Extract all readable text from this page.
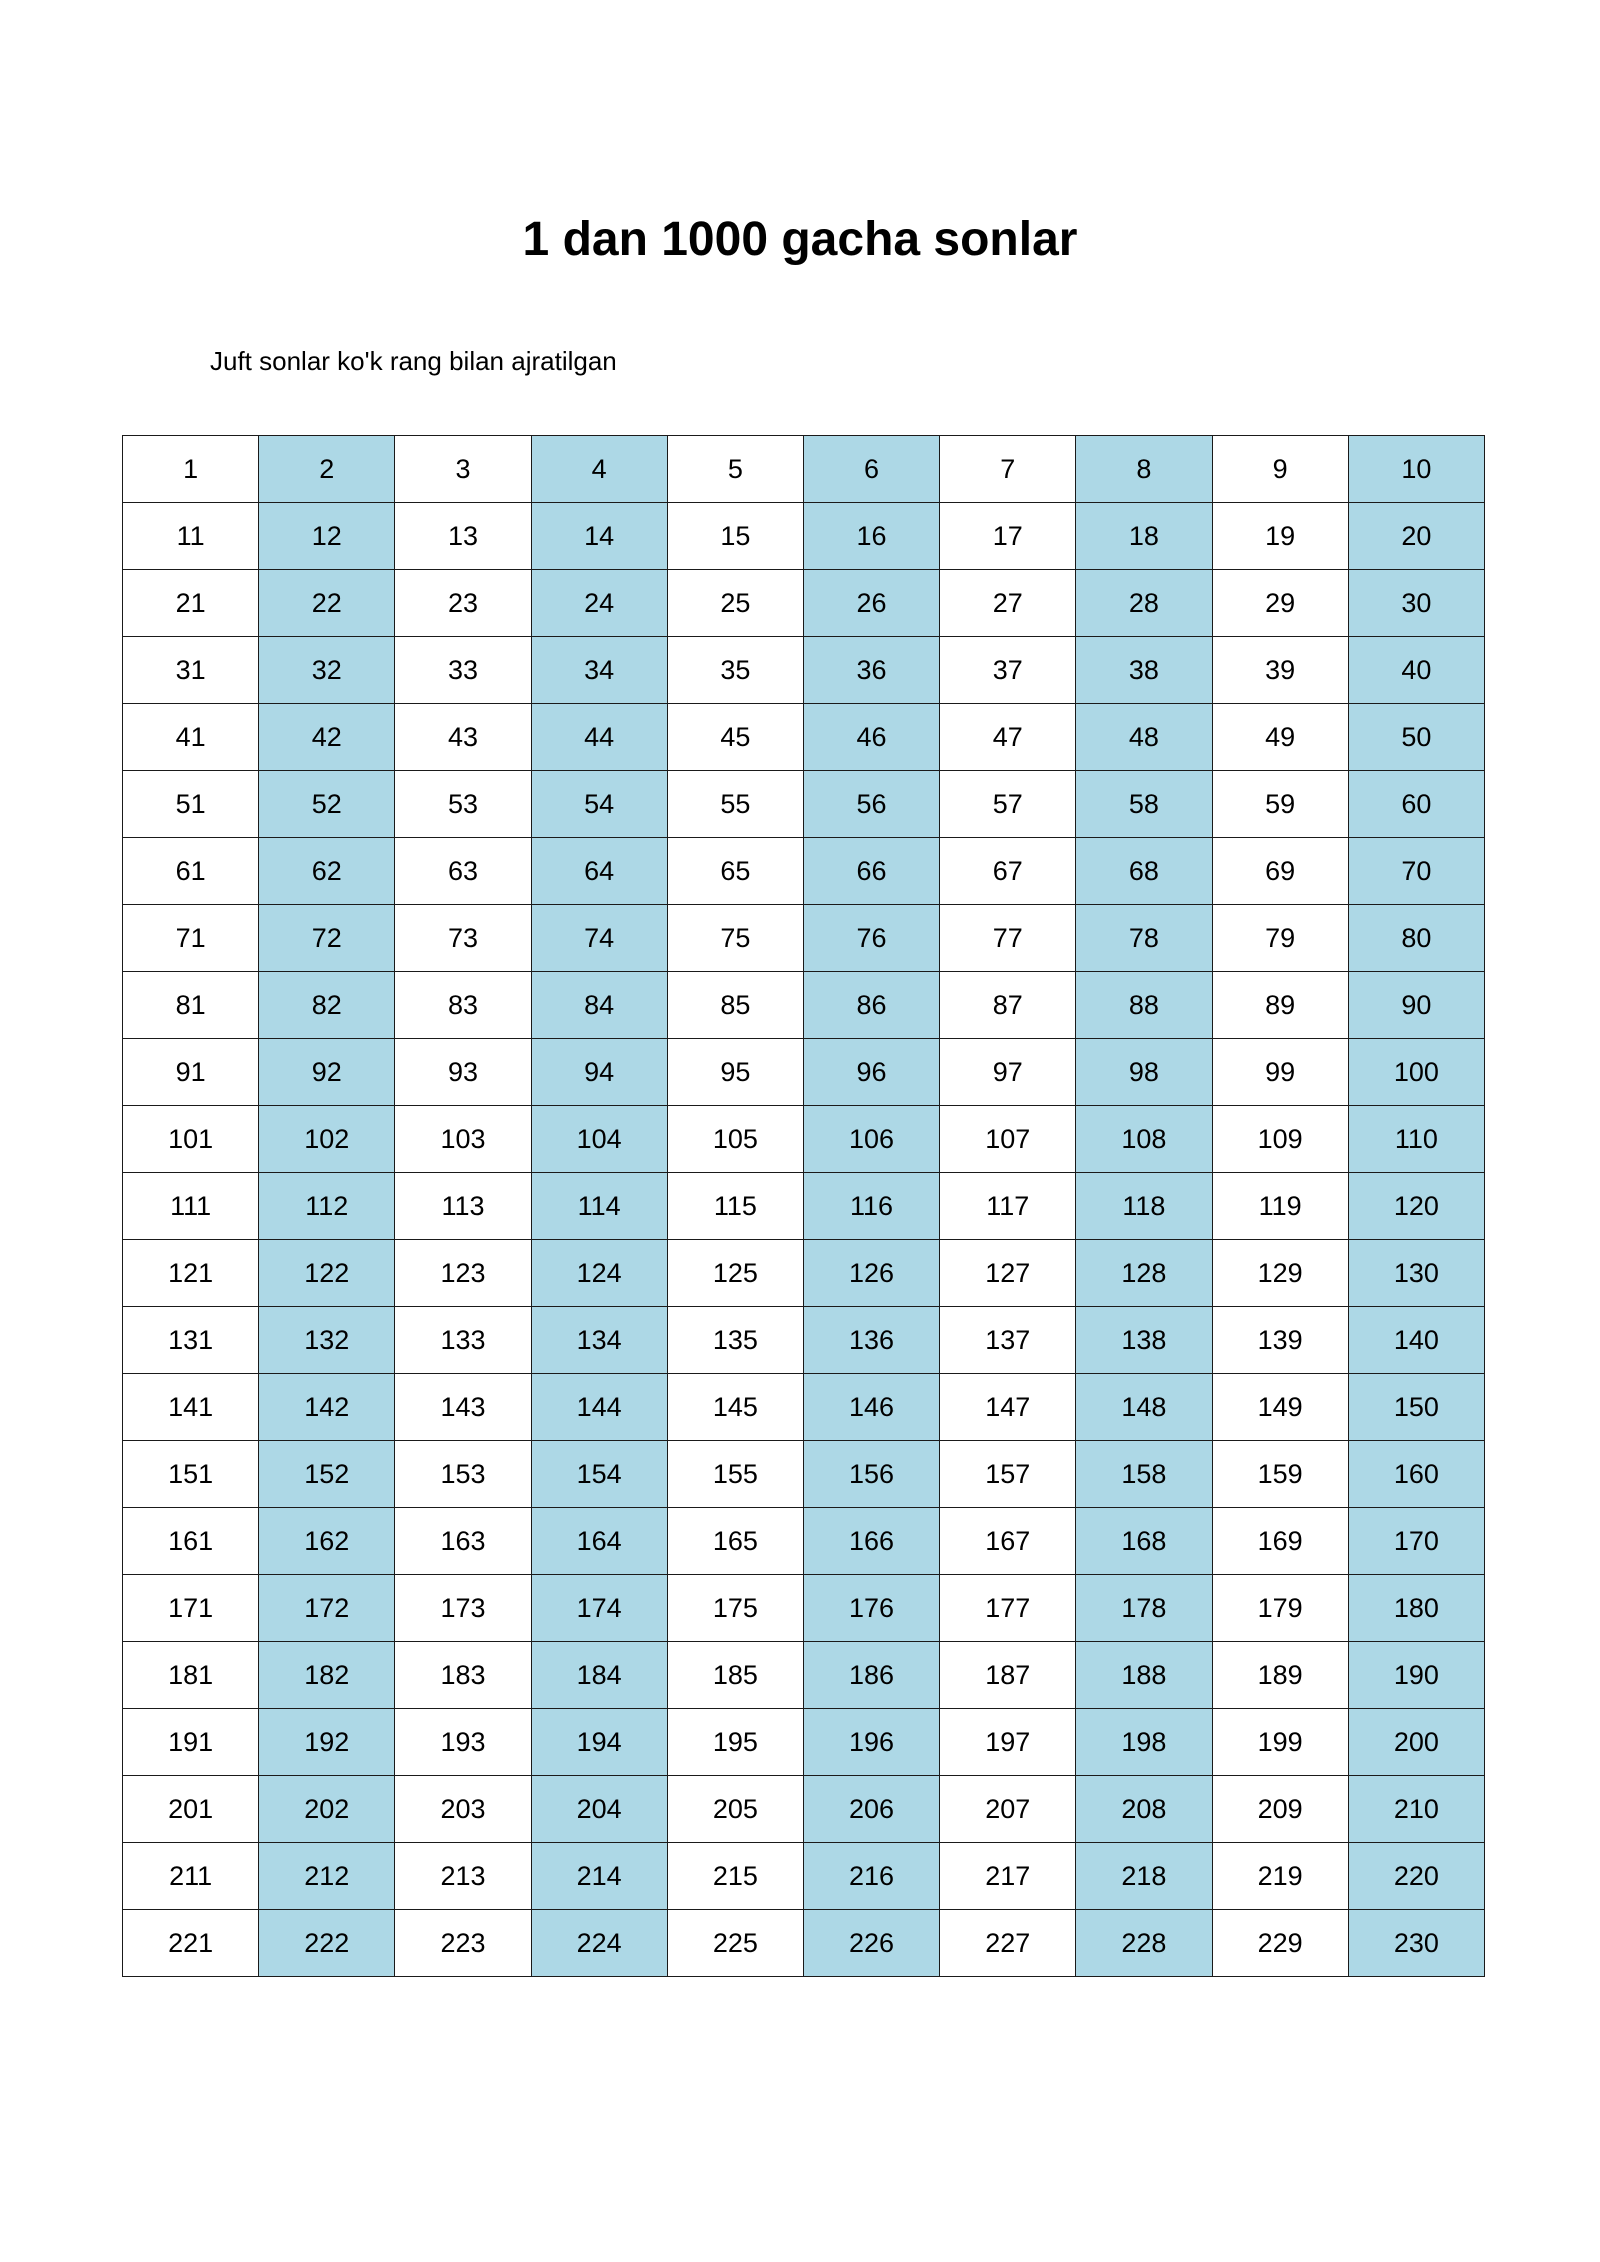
1 dan 1000 gacha sonlar

Juft sonlar ko'k rang bilan ajratilgan

1	2	3	4	5	6	7	8	9	10
11	12	13	14	15	16	17	18	19	20
21	22	23	24	25	26	27	28	29	30
31	32	33	34	35	36	37	38	39	40
41	42	43	44	45	46	47	48	49	50
51	52	53	54	55	56	57	58	59	60
61	62	63	64	65	66	67	68	69	70
71	72	73	74	75	76	77	78	79	80
81	82	83	84	85	86	87	88	89	90
91	92	93	94	95	96	97	98	99	100
101	102	103	104	105	106	107	108	109	110
111	112	113	114	115	116	117	118	119	120
121	122	123	124	125	126	127	128	129	130
131	132	133	134	135	136	137	138	139	140
141	142	143	144	145	146	147	148	149	150
151	152	153	154	155	156	157	158	159	160
161	162	163	164	165	166	167	168	169	170
171	172	173	174	175	176	177	178	179	180
181	182	183	184	185	186	187	188	189	190
191	192	193	194	195	196	197	198	199	200
201	202	203	204	205	206	207	208	209	210
211	212	213	214	215	216	217	218	219	220
221	222	223	224	225	226	227	228	229	230
